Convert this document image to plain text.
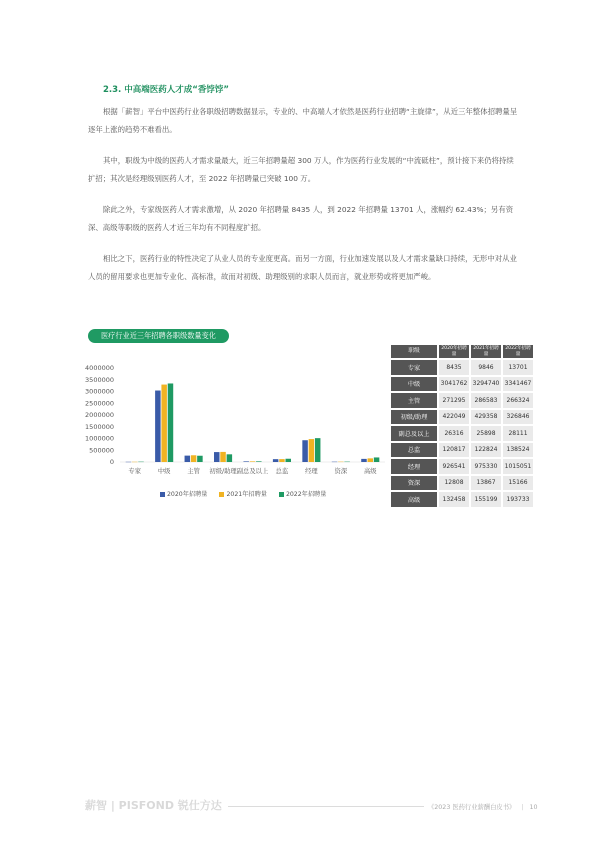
2.3. 中高端医药人才成“香饽饽”

根据「薪智」平台中医药行业各职级招聘数据显示，专业的、中高端人才依然是医药行业招聘“主旋律”，从近三年整体招聘量呈逐年上涨的趋势不难看出。

其中，职级为中级的医药人才需求量最大，近三年招聘量超 300 万人，作为医药行业发展的“中流砥柱”，预计接下来仍将持续扩招；其次是经理级别医药人才，至 2022 年招聘量已突破 100 万。

除此之外，专家级医药人才需求激增，从 2020 年招聘量 8435 人，到 2022 年招聘量 13701 人，涨幅约 62.43%；另有资深、高级等职级的医药人才近三年均有不同程度扩招。

相比之下，医药行业的特性决定了从业人员的专业度更高。而另一方面，行业加速发展以及人才需求量缺口持续，无形中对从业人员的留用要求也更加专业化、高标准，故而对初级、助理级别的求职人员而言，就业形势或将更加严峻。

医疗行业近三年招聘各职级数量变化
4000000
3500000
3000000
2500000
2000000
1500000
1000000
500000
0
专家	中级	主管 初级/助理 副总及以上 总监	经理	资深	高级
2020年招聘量	2021年招聘量	2022年招聘量
职级	2020年招聘量	2021年招聘量	2022年招聘量
专家	8435	9846	13701
中级	3041762	3294740	3341467
主管	271295	286583	266324
初级/助理	422049	429358	326846
副总及以上	26316	25898	28111
总监	120817	122824	138524
经理	926541	975330	1015051
资深	12808	13867	15166
高级	132458	155199	193733
薪智 | PISFOND 锐仕方达	《2023 医药行业薪酬白皮书》 | 10
